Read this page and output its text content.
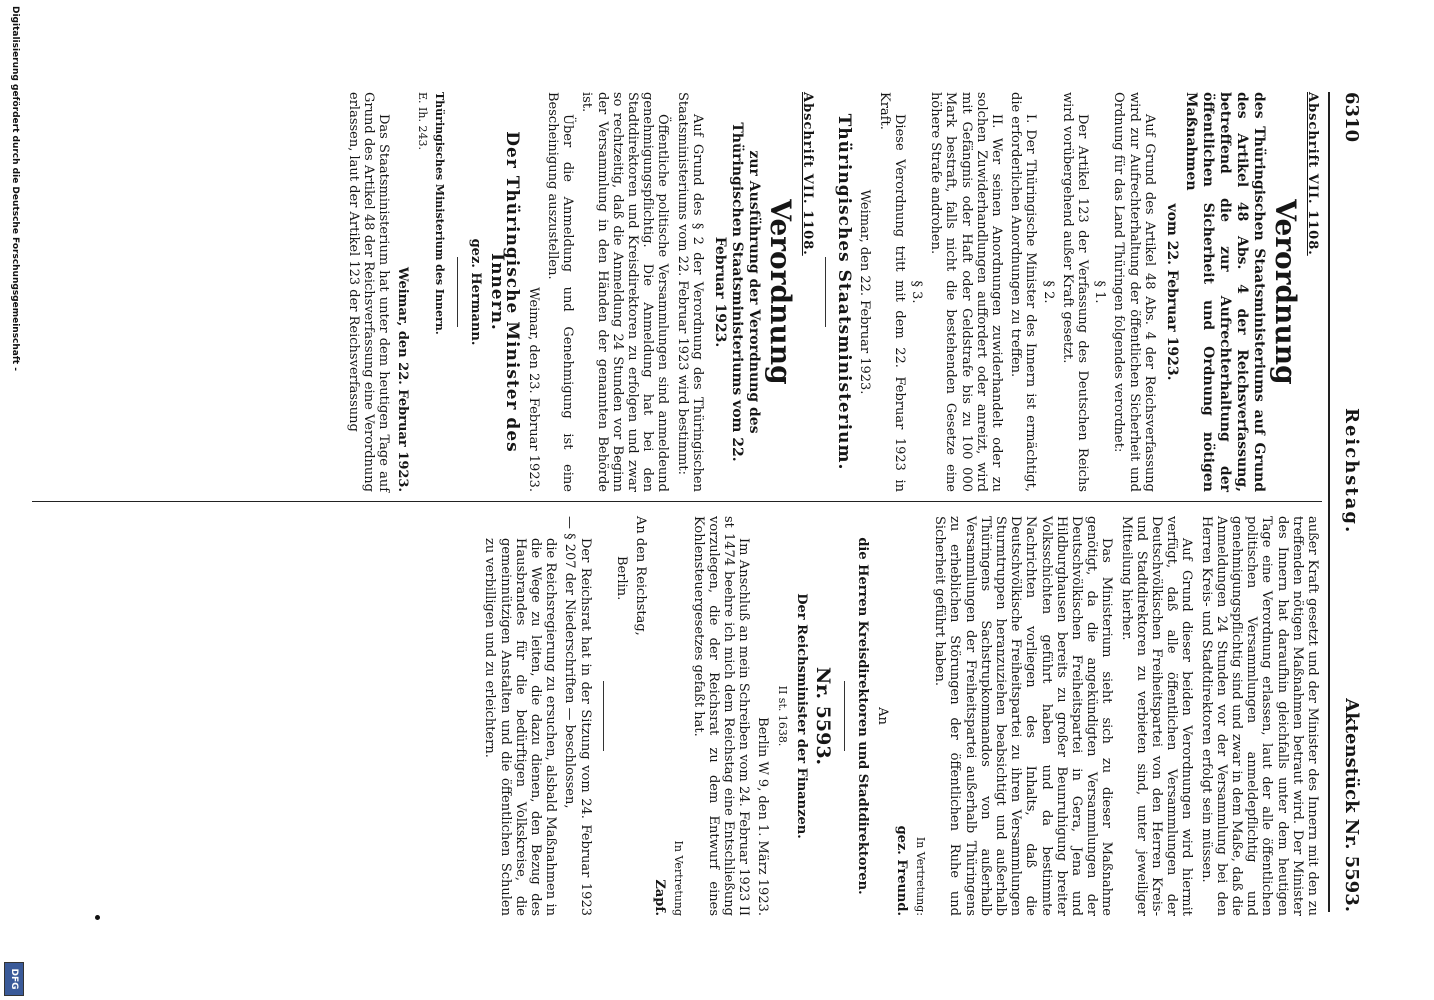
6310
Reichstag.
Aktenstück Nr. 5593.

Abschrift VII. 1108.

Verordnung

des Thüringischen Staatsministeriums auf Grund des Artikel 48 Abs. 4 der Reichsverfassung, betreffend die zur Aufrechterhaltung der öffentlichen Sicherheit und Ordnung nötigen Maßnahmen

vom 22. Februar 1923.

Auf Grund des Artikel 48 Abs. 4 der Reichsverfassung wird zur Aufrechterhaltung der öffentlichen Sicherheit und Ordnung für das Land Thüringen folgendes verordnet:

§ 1.

Der Artikel 123 der Verfassung des Deutschen Reichs wird vorübergehend außer Kraft gesetzt.

§ 2.

I. Der Thüringische Minister des Innern ist ermächtigt, die erforderlichen Anordnungen zu treffen.

II. Wer seinen Anordnungen zuwiderhandelt oder zu solchen Zuwiderhandlungen auffordert oder anreizt, wird mit Gefängnis oder Haft oder Geldstrafe bis zu 100 000 Mark bestraft, falls nicht die bestehenden Gesetze eine höhere Strafe androhen.

§ 3.

Diese Verordnung tritt mit dem 22. Februar 1923 in Kraft.

Weimar, den 22. Februar 1923.

Thüringisches Staatsministerium.

Abschrift VII. 1108.

Verordnung

zur Ausführung der Verordnung des Thüringischen Staatsministeriums vom 22. Februar 1923.

Auf Grund des § 2 der Verordnung des Thüringischen Staatsministeriums vom 22. Februar 1923 wird bestimmt:

Öffentliche politische Versammlungen sind anmeldeund genehmigungspflichtig. Die Anmeldung hat bei den Stadtdirektoren und Kreisdirektoren zu erfolgen und zwar so rechtzeitig, daß die Anmeldung 24 Stunden vor Beginn der Versammlung in den Händen der genannten Behörde ist.

Über die Anmeldung und Genehmigung ist eine Bescheinigung auszustellen.

Weimar, den 23. Februar 1923.

Der Thüringische Minister des Innern.

gez. Hermann.

Thüringisches Ministerium des Innern.

E. Ih. 243.

Weimar, den 22. Februar 1923.

Das Staatsministerium hat unter dem heutigen Tage auf Grund des Artikel 48 der Reichsverfassung eine Verordnung erlassen, laut der Artikel 123 der Reichsverfassung

außer Kraft gesetzt und der Minister des Innern mit den zu treffenden nötigen Maßnahmen betraut wird. Der Minister des Innern hat daraufhin gleichfalls unter dem heutigen Tage eine Verordnung erlassen, laut der alle öffentlichen politischen Versammlungen anmeldepflichtig und genehmigungspflichtig sind und zwar in dem Maße, daß die Anmeldungen 24 Stunden vor der Versammlung bei den Herren Kreis- und Stadtdirektoren erfolgt sein müssen.

Auf Grund dieser beiden Verordnungen wird hiermit verfügt, daß alle öffentlichen Versammlungen der Deutschvölkischen Freiheitspartei von den Herren Kreis- und Stadtdirektoren zu verbieten sind, unter jeweiliger Mitteilung hierher.

Das Ministerium sieht sich zu dieser Maßnahme genötigt, da die angekündigten Versammlungen der Deutschvölkischen Freiheitspartei in Gera, Jena und Hildburghausen bereits zu großer Beunruhigung breiter Volksschichten geführt haben und da bestimmte Nachrichten vorliegen des Inhalts, daß die Deutschvölkische Freiheitspartei zu ihren Versammlungen Sturmtruppen heranzuziehen beabsichtigt und außerhalb Thüringens Sachstrupkommandos von außerhalb Versammlungen der Freiheitspartei außerhalb Thüringens zu erheblichen Störungen der öffentlichen Ruhe und Sicherheit geführt haben.

In Vertretung:

gez. Freund.

An

die Herren Kreisdirektoren und Stadtdirektoren.

Nr. 5593.

Der Reichsminister der Finanzen.

II st. 1638.

Berlin W 9, den 1. März 1923.

Im Anschluß an mein Schreiben vom 24. Februar 1923 II st 1474 beehre ich mich dem Reichstag eine Entschließung vorzulegen, die der Reichsrat zu dem Entwurf eines Kohlensteuergesetzes gefaßt hat.

In Vertretung

Zapf.

An den Reichstag,

Berlin.

Der Reichsrat hat in der Sitzung vom 24. Februar 1923 — § 207 der Niederschriften — beschlossen,

die Reichsregierung zu ersuchen, alsbald Maßnahmen in die Wege zu leiten, die dazu dienen, den Bezug des Hausbrandes für die bedürftigen Volkskreise, die gemeinnützigen Anstalten und die öffentlichen Schulen zu verbilligen und zu erleichtern.

Digitalisierung gefördert durch die Deutsche Forschungsgemeinschaft -
DFG
